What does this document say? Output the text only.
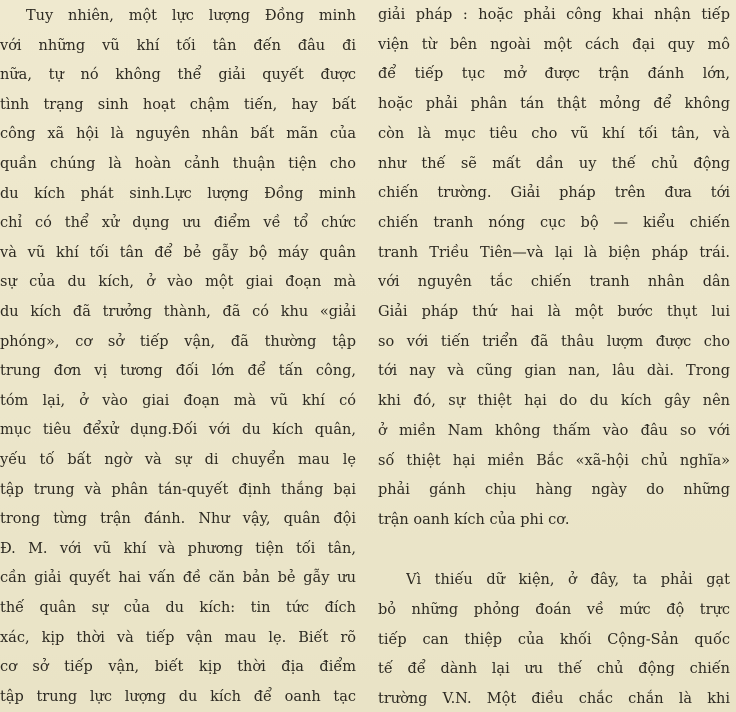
Tuy nhiên, một lực lượng Đồng minh
với những vũ khí tối tân đến đâu đi
nữa, tự nó không thể giải quyết được
tình trạng sinh hoạt chậm tiến, hay bất
công xã hội là nguyên nhân bất mãn của
quần chúng là hoàn cảnh thuận tiện cho
du kích phát sinh.Lực lượng Đồng minh
chỉ có thể xử dụng ưu điểm về tổ chức
và vũ khí tối tân để bẻ gẫy bộ máy quân
sự của du kích, ở vào một giai đoạn mà
du kích đã trưởng thành, đã có khu «giải
phóng», cơ sở tiếp vận, đã thường tập
trung đơn vị tương đối lớn để tấn công,
tóm lại, ở vào giai đoạn mà vũ khí có
mục tiêu đểxử dụng.Đối với du kích quân,
yếu tố bất ngờ và sự di chuyển mau lẹ
tập trung và phân tán-quyết định thắng bại
trong từng trận đánh. Như vậy, quân đội
Đ. M. với vũ khí và phương tiện tối tân,
cần giải quyết hai vấn đề căn bản bẻ gẫy ưu
thế quân sự của du kích: tin tức đích
xác, kịp thời và tiếp vận mau lẹ. Biết rõ
cơ sở tiếp vận, biết kịp thời địa điểm
tập trung lực lượng du kích để oanh tạc
giải pháp : hoặc phải công khai nhận tiếp
viện từ bên ngoài một cách đại quy mô
để tiếp tục mở được trận đánh lớn,
hoặc phải phân tán thật mỏng để không
còn là mục tiêu cho vũ khí tối tân, và
như thế sẽ mất dần uy thế chủ động
chiến trường. Giải pháp trên đưa tới
chiến tranh nóng cục bộ — kiểu chiến
tranh Triều Tiên—và lại là biện pháp trái.
với nguyên tắc chiến tranh nhân dân
Giải pháp thứ hai là một bước thụt lui
so với tiến triển đã thâu lượm được cho
tới nay và cũng gian nan, lâu dài. Trong
khi đó, sự thiệt hại do du kích gây nên
ở miền Nam không thấm vào đâu so với
số thiệt hại miền Bắc «xã-hội chủ nghĩa»
phải gánh chịu hàng ngày do những
trận oanh kích của phi cơ.
Vì thiếu dữ kiện, ở đây, ta phải gạt
bỏ những phỏng đoán về mức độ trực
tiếp can thiệp của khối Cộng-Sản quốc
tế để dành lại ưu thế chủ động chiến
trường V.N. Một điều chắc chắn là khi
